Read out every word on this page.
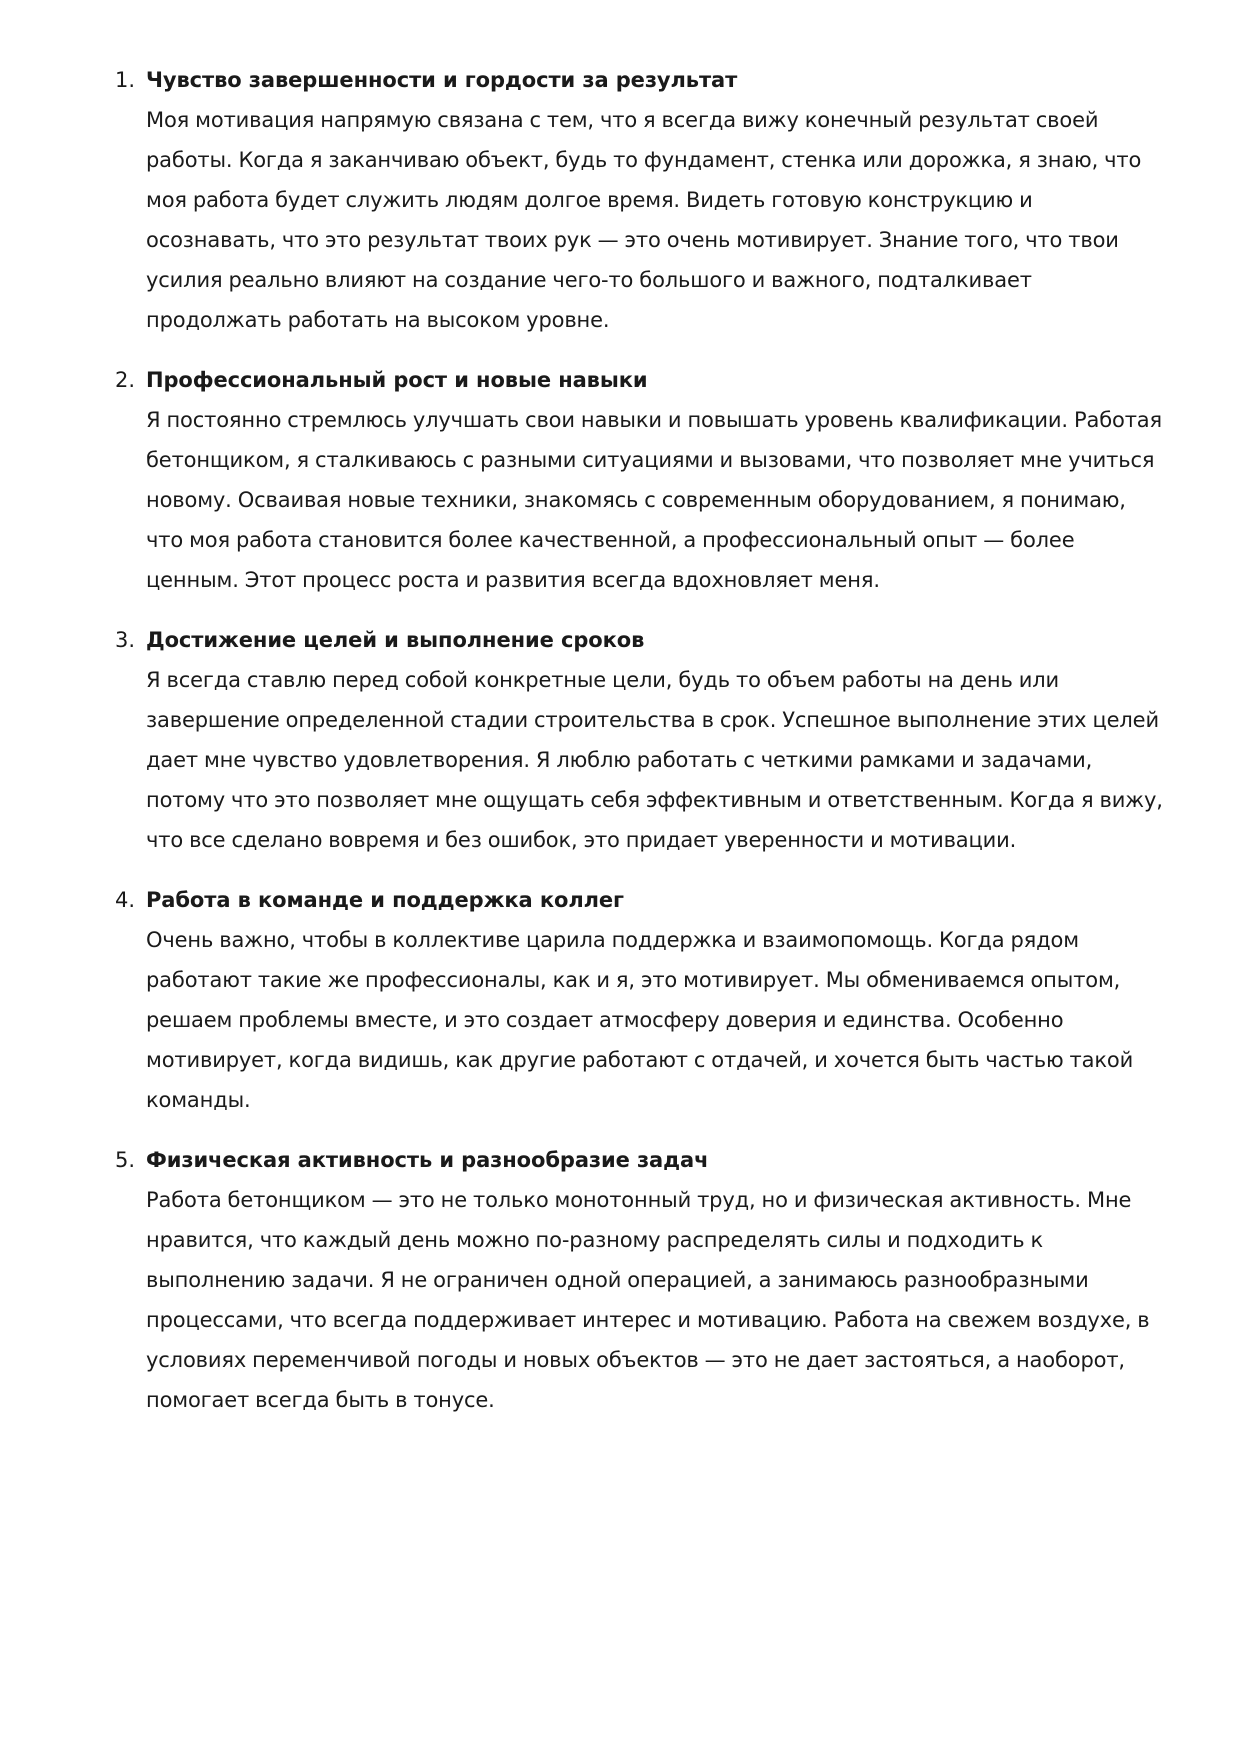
1. Чувство завершенности и гордости за результат
Моя мотивация напрямую связана с тем, что я всегда вижу конечный результат своей работы. Когда я заканчиваю объект, будь то фундамент, стенка или дорожка, я знаю, что моя работа будет служить людям долгое время. Видеть готовую конструкцию и осознавать, что это результат твоих рук — это очень мотивирует. Знание того, что твои усилия реально влияют на создание чего-то большого и важного, подталкивает продолжать работать на высоком уровне.
2. Профессиональный рост и новые навыки
Я постоянно стремлюсь улучшать свои навыки и повышать уровень квалификации. Работая бетонщиком, я сталкиваюсь с разными ситуациями и вызовами, что позволяет мне учиться новому. Осваивая новые техники, знакомясь с современным оборудованием, я понимаю, что моя работа становится более качественной, а профессиональный опыт — более ценным. Этот процесс роста и развития всегда вдохновляет меня.
3. Достижение целей и выполнение сроков
Я всегда ставлю перед собой конкретные цели, будь то объем работы на день или завершение определенной стадии строительства в срок. Успешное выполнение этих целей дает мне чувство удовлетворения. Я люблю работать с четкими рамками и задачами, потому что это позволяет мне ощущать себя эффективным и ответственным. Когда я вижу, что все сделано вовремя и без ошибок, это придает уверенности и мотивации.
4. Работа в команде и поддержка коллег
Очень важно, чтобы в коллективе царила поддержка и взаимопомощь. Когда рядом работают такие же профессионалы, как и я, это мотивирует. Мы обмениваемся опытом, решаем проблемы вместе, и это создает атмосферу доверия и единства. Особенно мотивирует, когда видишь, как другие работают с отдачей, и хочется быть частью такой команды.
5. Физическая активность и разнообразие задач
Работа бетонщиком — это не только монотонный труд, но и физическая активность. Мне нравится, что каждый день можно по-разному распределять силы и подходить к выполнению задачи. Я не ограничен одной операцией, а занимаюсь разнообразными процессами, что всегда поддерживает интерес и мотивацию. Работа на свежем воздухе, в условиях переменчивой погоды и новых объектов — это не дает застояться, а наоборот, помогает всегда быть в тонусе.
